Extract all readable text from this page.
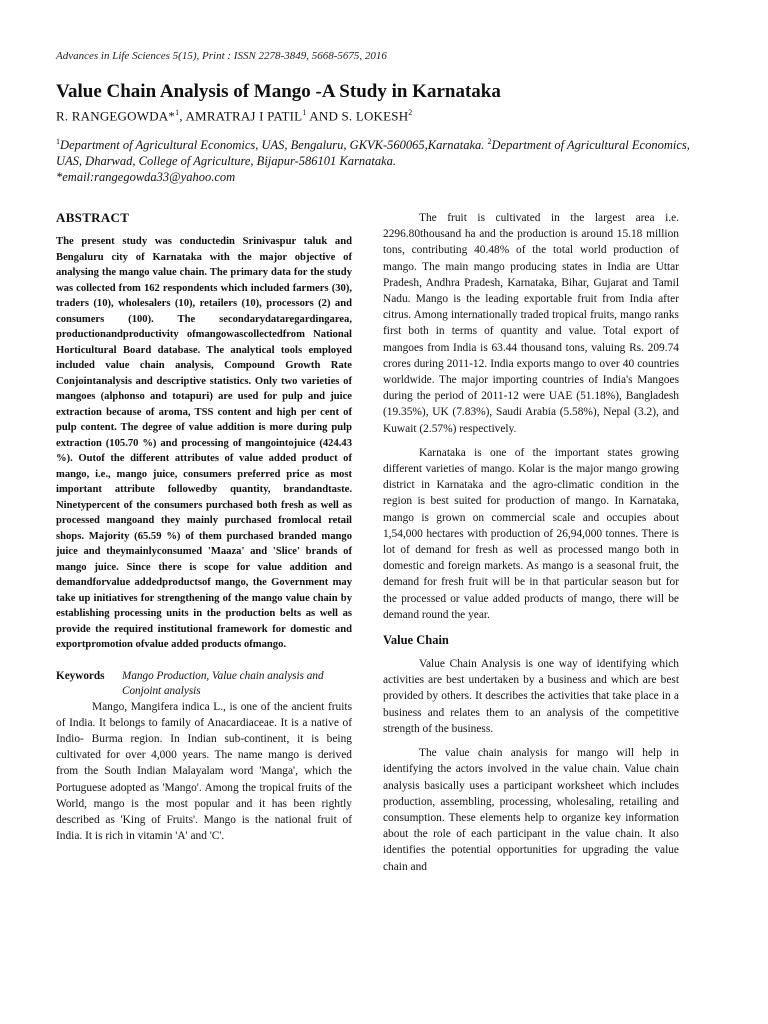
Advances in Life Sciences 5(15), Print : ISSN 2278-3849, 5668-5675, 2016
Value Chain Analysis of Mango -A Study in Karnataka
R. RANGEGOWDA*$^1$, AMRATRAJ I PATIL$^1$ AND S. LOKESH$^2$
$^1$Department of Agricultural Economics, UAS, Bengaluru, GKVK-560065,Karnataka. $^2$Department of Agricultural Economics, UAS, Dharwad, College of Agriculture, Bijapur-586101 Karnataka.
*email:rangegowda33@yahoo.com
ABSTRACT

The present study was conductedin Srinivaspur taluk and Bengaluru city of Karnataka with the major objective of analysing the mango value chain. The primary data for the study was collected from 162 respondents which included farmers (30), traders (10), wholesalers (10), retailers (10), processors (2) and consumers (100). The secondarydataregardingarea, productionandproductivity ofmangowascollectedfrom National Horticultural Board database. The analytical tools employed included value chain analysis, Compound Growth Rate Conjointanalysis and descriptive statistics. Only two varieties of mangoes (alphonso and totapuri) are used for pulp and juice extraction because of aroma, TSS content and high per cent of pulp content. The degree of value addition is more during pulp extraction (105.70 %) and processing of mangointojuice (424.43 %). Outof the different attributes of value added product of mango, i.e., mango juice, consumers preferred price as most important attribute followedby quantity, brandandtaste. Ninetypercent of the consumers purchased both fresh as well as processed mangoand they mainly purchased fromlocal retail shops. Majority (65.59 %) of them purchased branded mango juice and theymainlyconsumed 'Maaza' and 'Slice' brands of mango juice. Since there is scope for value addition and demandforvalue addedproductsof mango, the Government may take up initiatives for strengthening of the mango value chain by establishing processing units in the production belts as well as provide the required institutional framework for domestic and exportpromotion ofvalue added products ofmango.

Keywords	Mango Production, Value chain analysis and Conjoint analysis

Mango, Mangifera indica L., is one of the ancient fruits of India. It belongs to family of Anacardiaceae. It is a native of Indio- Burma region. In Indian sub-continent, it is being cultivated for over 4,000 years. The name mango is derived from the South Indian Malayalam word 'Manga', which the Portuguese adopted as 'Mango'. Among the tropical fruits of the World, mango is the most popular and it has been rightly described as 'King of Fruits'. Mango is the national fruit of India. It is rich in vitamin 'A' and 'C'.

The fruit is cultivated in the largest area i.e. 2296.80thousand ha and the production is around 15.18 million tons, contributing 40.48% of the total world production of mango. The main mango producing states in India are Uttar Pradesh, Andhra Pradesh, Karnataka, Bihar, Gujarat and Tamil Nadu. Mango is the leading exportable fruit from India after citrus. Among internationally traded tropical fruits, mango ranks first both in terms of quantity and value. Total export of mangoes from India is 63.44 thousand tons, valuing Rs. 209.74 crores during 2011-12. India exports mango to over 40 countries worldwide. The major importing countries of India's Mangoes during the period of 2011-12 were UAE (51.18%), Bangladesh (19.35%), UK (7.83%), Saudi Arabia (5.58%), Nepal (3.2), and Kuwait (2.57%) respectively.

Karnataka is one of the important states growing different varieties of mango. Kolar is the major mango growing district in Karnataka and the agro-climatic condition in the region is best suited for production of mango. In Karnataka, mango is grown on commercial scale and occupies about 1,54,000 hectares with production of 26,94,000 tonnes. There is lot of demand for fresh as well as processed mango both in domestic and foreign markets. As mango is a seasonal fruit, the demand for fresh fruit will be in that particular season but for the processed or value added products of mango, there will be demand round the year.

Value Chain

Value Chain Analysis is one way of identifying which activities are best undertaken by a business and which are best provided by others. It describes the activities that take place in a business and relates them to an analysis of the competitive strength of the business.

The value chain analysis for mango will help in identifying the actors involved in the value chain. Value chain analysis basically uses a participant worksheet which includes production, assembling, processing, wholesaling, retailing and consumption. These elements help to organize key information about the role of each participant in the value chain. It also identifies the potential opportunities for upgrading the value chain and
